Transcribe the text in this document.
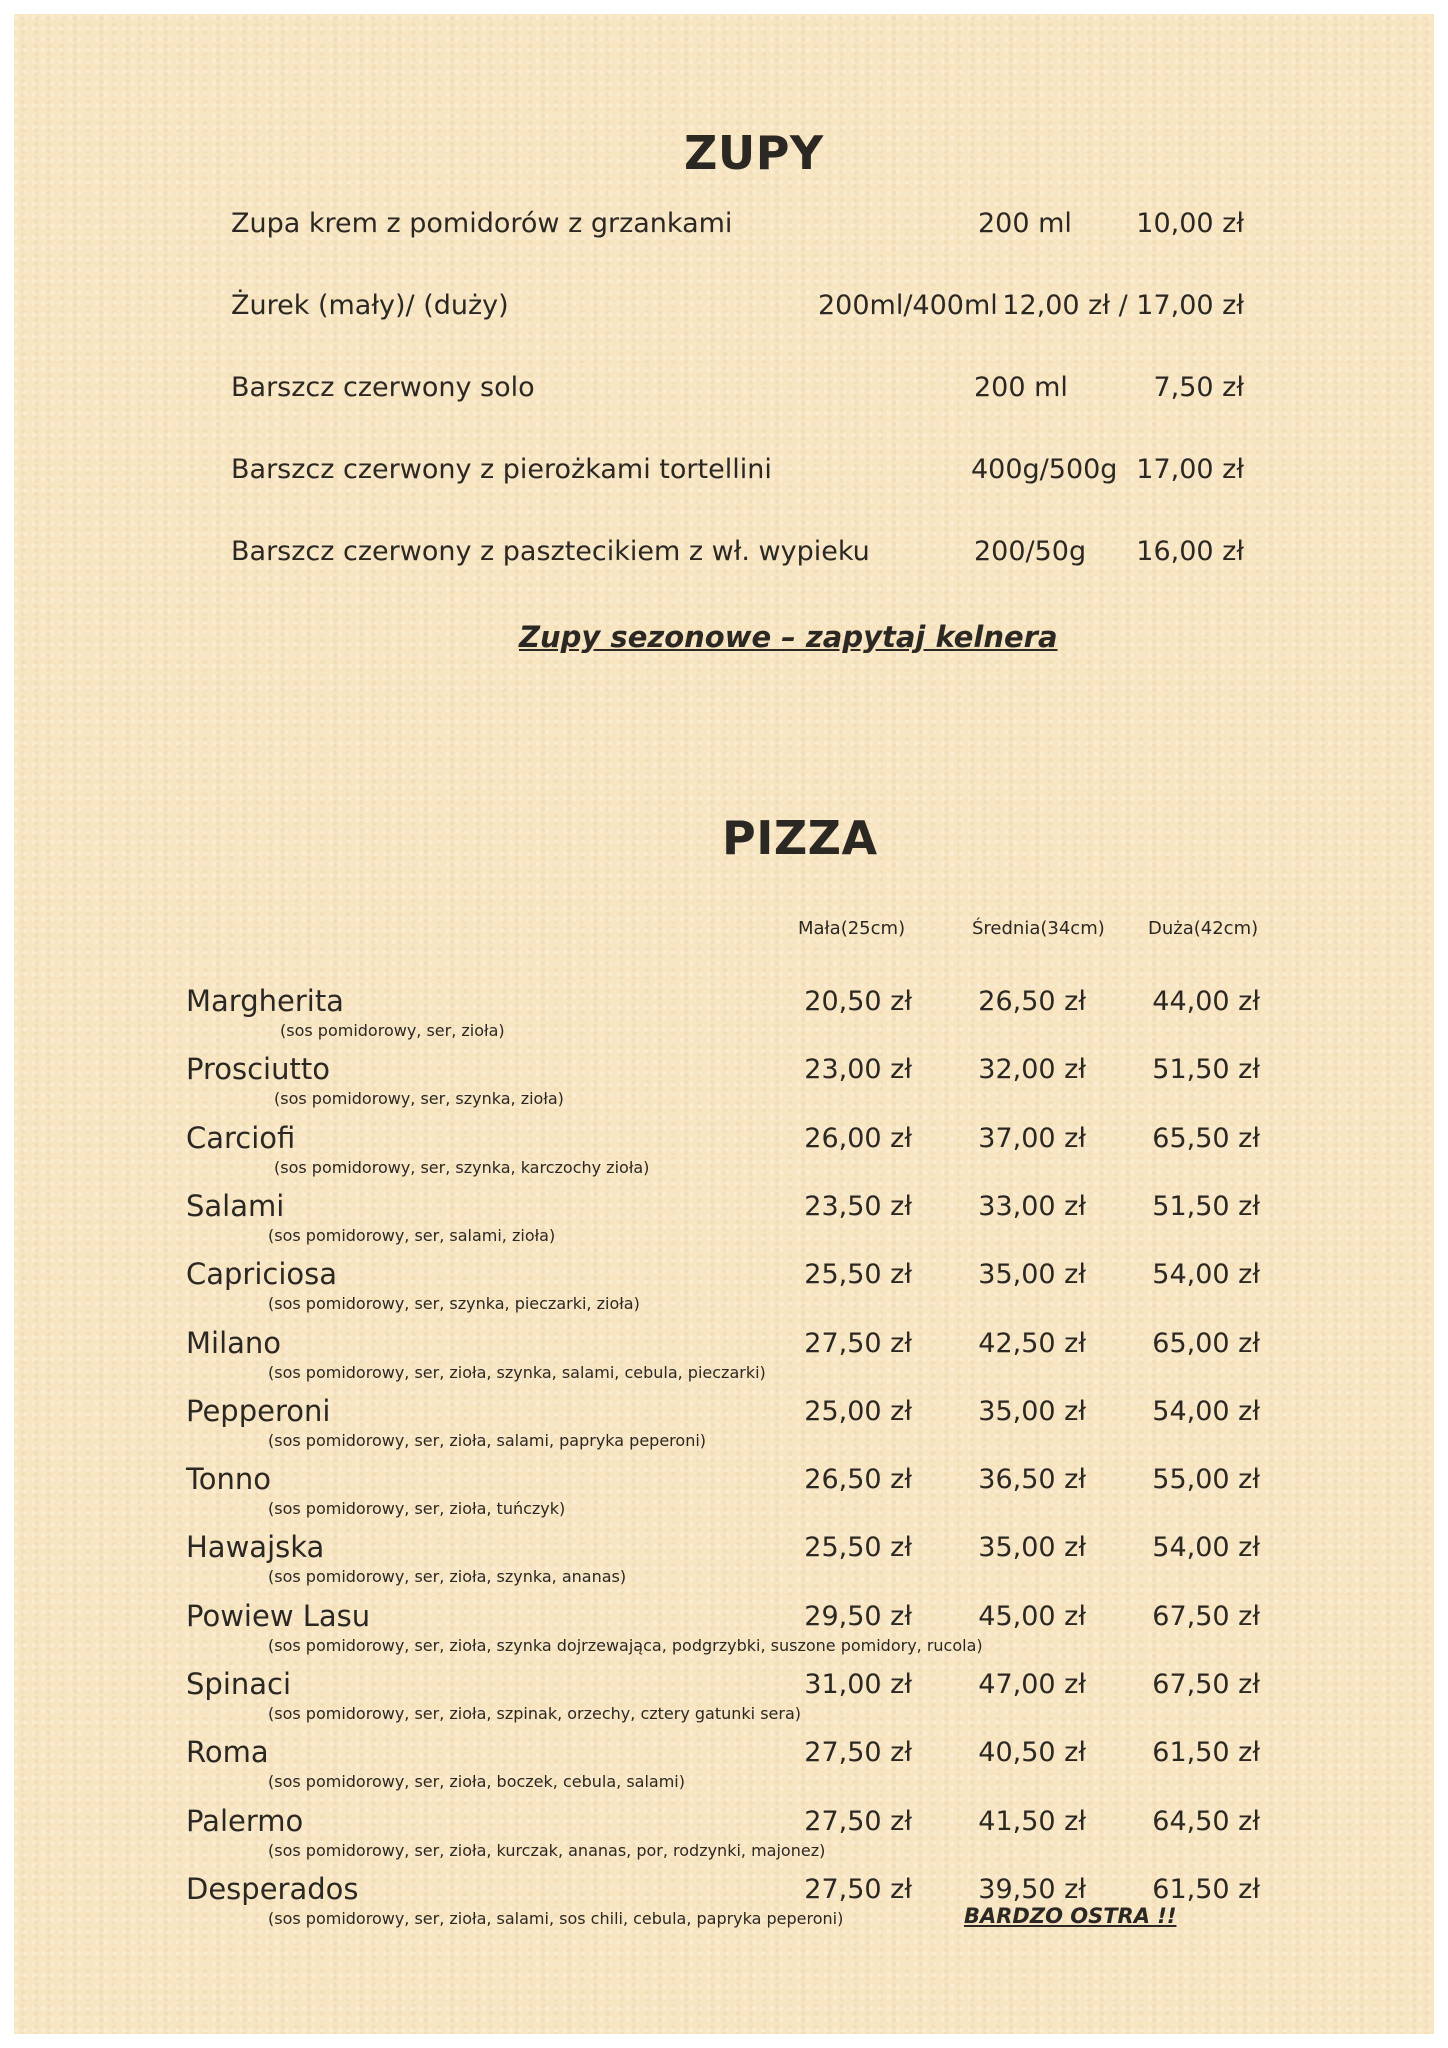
ZUPY
Zupa krem z pomidorów z grzankami	200 ml 10,00 zł
Żurek (mały)/ (duży)	200ml/400ml 12,00 zł / 17,00 zł
Barszcz czerwony solo	200 ml	7,50 zł
Barszcz czerwony z pierożkami tortellini	400g/500g 17,00 zł
Barszcz czerwony z pasztecikiem z wł. wypieku	200/50g 16,00 zł
Zupy sezonowe – zapytaj kelnera
PIZZA
Mała(25cm)	Średnia(34cm) Duża(42cm)
Margherita	20,50 zł 26,50 zł 44,00 zł
(sos pomidorowy, ser, zioła)
Prosciutto	23,00 zł 32,00 zł 51,50 zł
(sos pomidorowy, ser, szynka, zioła)
Carciofi	26,00 zł 37,00 zł 65,50 zł
(sos pomidorowy, ser, szynka, karczochy zioła)
Salami	23,50 zł 33,00 zł 51,50 zł
(sos pomidorowy, ser, salami, zioła)
Capriciosa	25,50 zł 35,00 zł 54,00 zł
(sos pomidorowy, ser, szynka, pieczarki, zioła)
Milano	27,50 zł 42,50 zł 65,00 zł
(sos pomidorowy, ser, zioła, szynka, salami, cebula, pieczarki)
Pepperoni	25,00 zł 35,00 zł 54,00 zł
(sos pomidorowy, ser, zioła, salami, papryka peperoni)
Tonno	26,50 zł 36,50 zł 55,00 zł
(sos pomidorowy, ser, zioła, tuńczyk)
Hawajska	25,50 zł 35,00 zł 54,00 zł
(sos pomidorowy, ser, zioła, szynka, ananas)
Powiew Lasu	29,50 zł 45,00 zł 67,50 zł
(sos pomidorowy, ser, zioła, szynka dojrzewająca, podgrzybki, suszone pomidory, rucola)
Spinaci	31,00 zł 47,00 zł 67,50 zł
(sos pomidorowy, ser, zioła, szpinak, orzechy, cztery gatunki sera)
Roma	27,50 zł 40,50 zł 61,50 zł
(sos pomidorowy, ser, zioła, boczek, cebula, salami)
Palermo	27,50 zł 41,50 zł 64,50 zł
(sos pomidorowy, ser, zioła, kurczak, ananas, por, rodzynki, majonez)
Desperados	27,50 zł 39,50 zł 61,50 zł
(sos pomidorowy, ser, zioła, salami, sos chili, cebula, papryka peperoni)	BARDZO OSTRA !!
